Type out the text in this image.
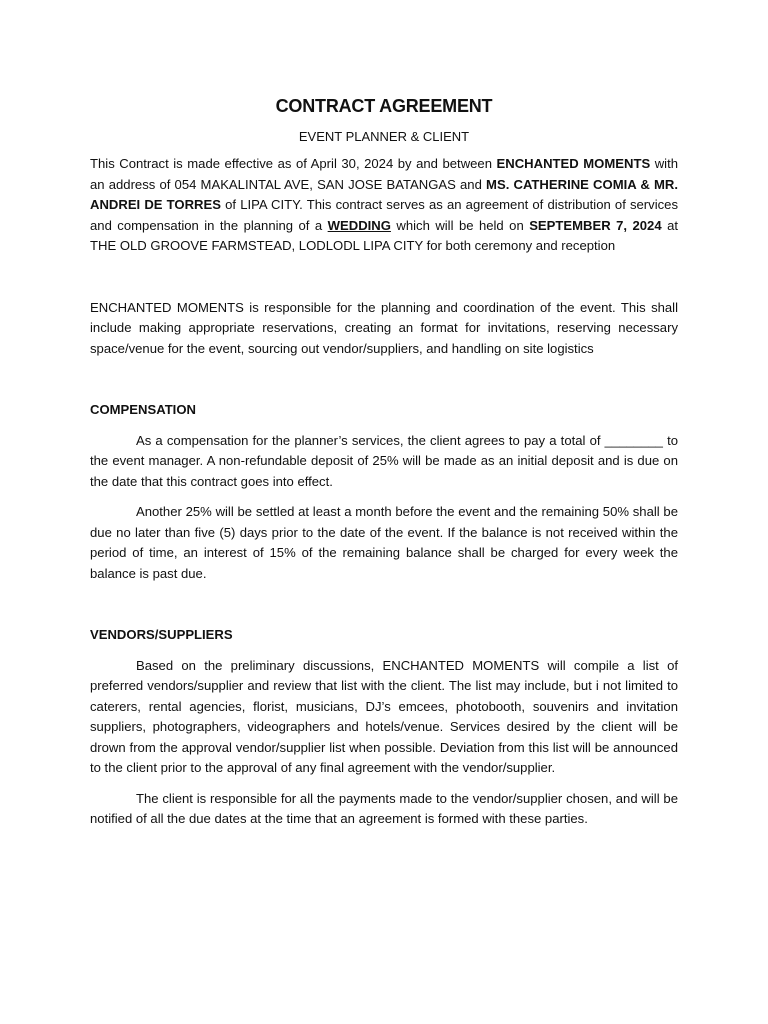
CONTRACT AGREEMENT
EVENT PLANNER & CLIENT

This Contract is made effective as of April 30, 2024 by and between ENCHANTED MOMENTS with an address of 054 MAKALINTAL AVE, SAN JOSE BATANGAS and MS. CATHERINE COMIA & MR. ANDREI DE TORRES of LIPA CITY. This contract serves as an agreement of distribution of services and compensation in the planning of a WEDDING which will be held on SEPTEMBER 7, 2024 at THE OLD GROOVE FARMSTEAD, LODLODL LIPA CITY for both ceremony and reception

ENCHANTED MOMENTS is responsible for the planning and coordination of the event. This shall include making appropriate reservations, creating an format for invitations, reserving necessary space/venue for the event, sourcing out vendor/suppliers, and handling on site logistics

COMPENSATION

As a compensation for the planner’s services, the client agrees to pay a total of ________ to the event manager. A non-refundable deposit of 25% will be made as an initial deposit and is due on the date that this contract goes into effect.

Another 25% will be settled at least a month before the event and the remaining 50% shall be due no later than five (5) days prior to the date of the event. If the balance is not received within the period of time, an interest of 15% of the remaining balance shall be charged for every week the balance is past due.

VENDORS/SUPPLIERS

Based on the preliminary discussions, ENCHANTED MOMENTS will compile a list of preferred vendors/supplier and review that list with the client. The list may include, but i not limited to caterers, rental agencies, florist, musicians, DJ’s emcees, photobooth, souvenirs and invitation suppliers, photographers, videographers and hotels/venue. Services desired by the client will be drown from the approval vendor/supplier list when possible. Deviation from this list will be announced to the client prior to the approval of any final agreement with the vendor/supplier.

The client is responsible for all the payments made to the vendor/supplier chosen, and will be notified of all the due dates at the time that an agreement is formed with these parties.
